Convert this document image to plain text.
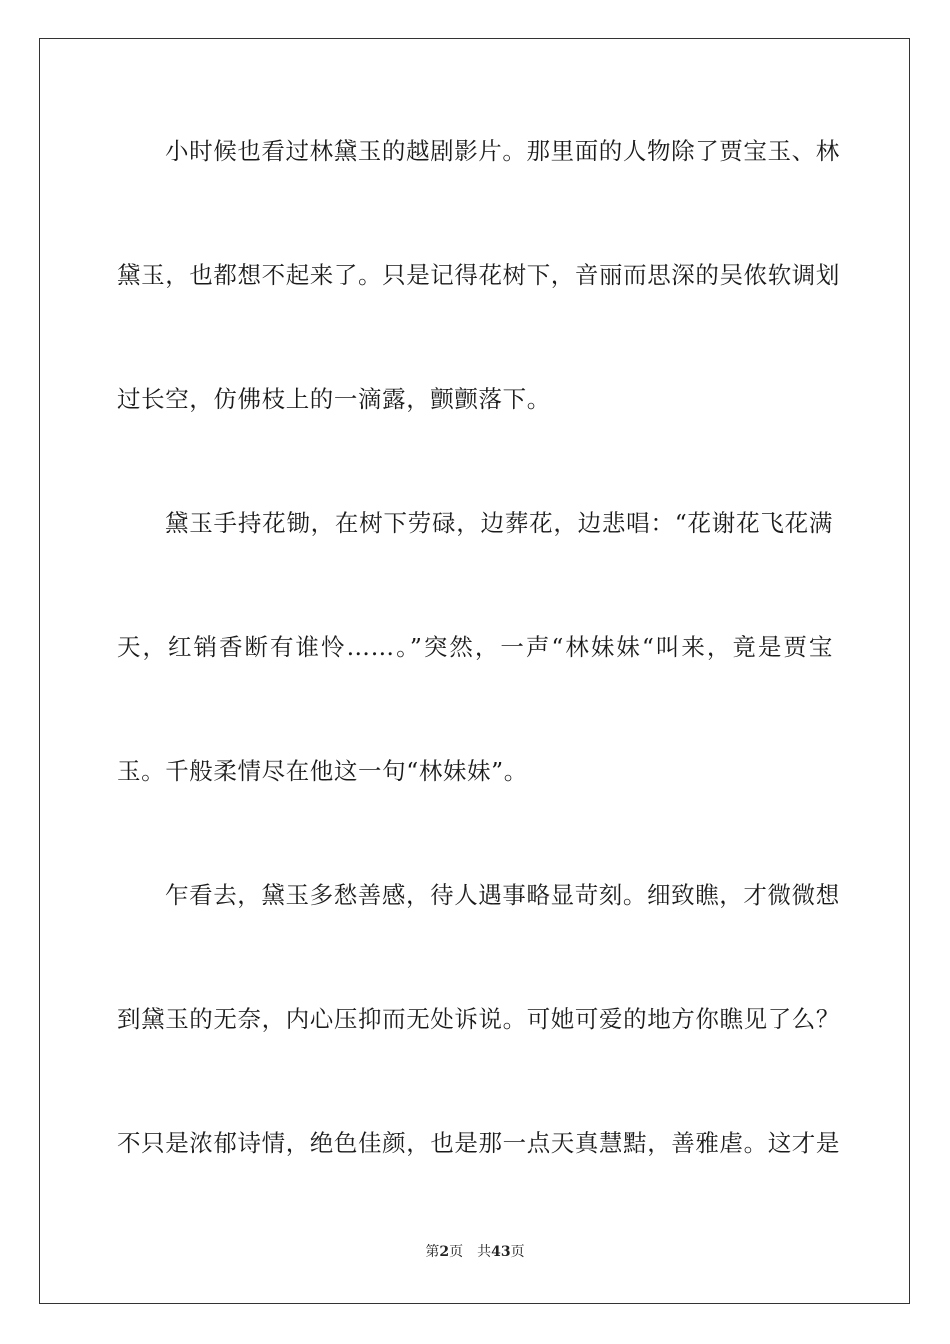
小时候也看过林黛玉的越剧影片。那里面的人物除了贾宝玉、林
黛玉，也都想不起来了。只是记得花树下，音丽而思深的吴侬软调划
过长空，仿佛枝上的一滴露，颤颤落下。
黛玉手持花锄，在树下劳碌，边葬花，边悲唱：“花谢花飞花满
天，红销香断有谁怜……。”突然，一声“林妹妹“叫来，竟是贾宝
玉。千般柔情尽在他这一句“林妹妹”。
乍看去，黛玉多愁善感，待人遇事略显苛刻。细致瞧，才微微想
到黛玉的无奈，内心压抑而无处诉说。可她可爱的地方你瞧见了么？
不只是浓郁诗情，绝色佳颜，也是那一点天真慧黠，善雅虐。这才是
第2页 共43页
